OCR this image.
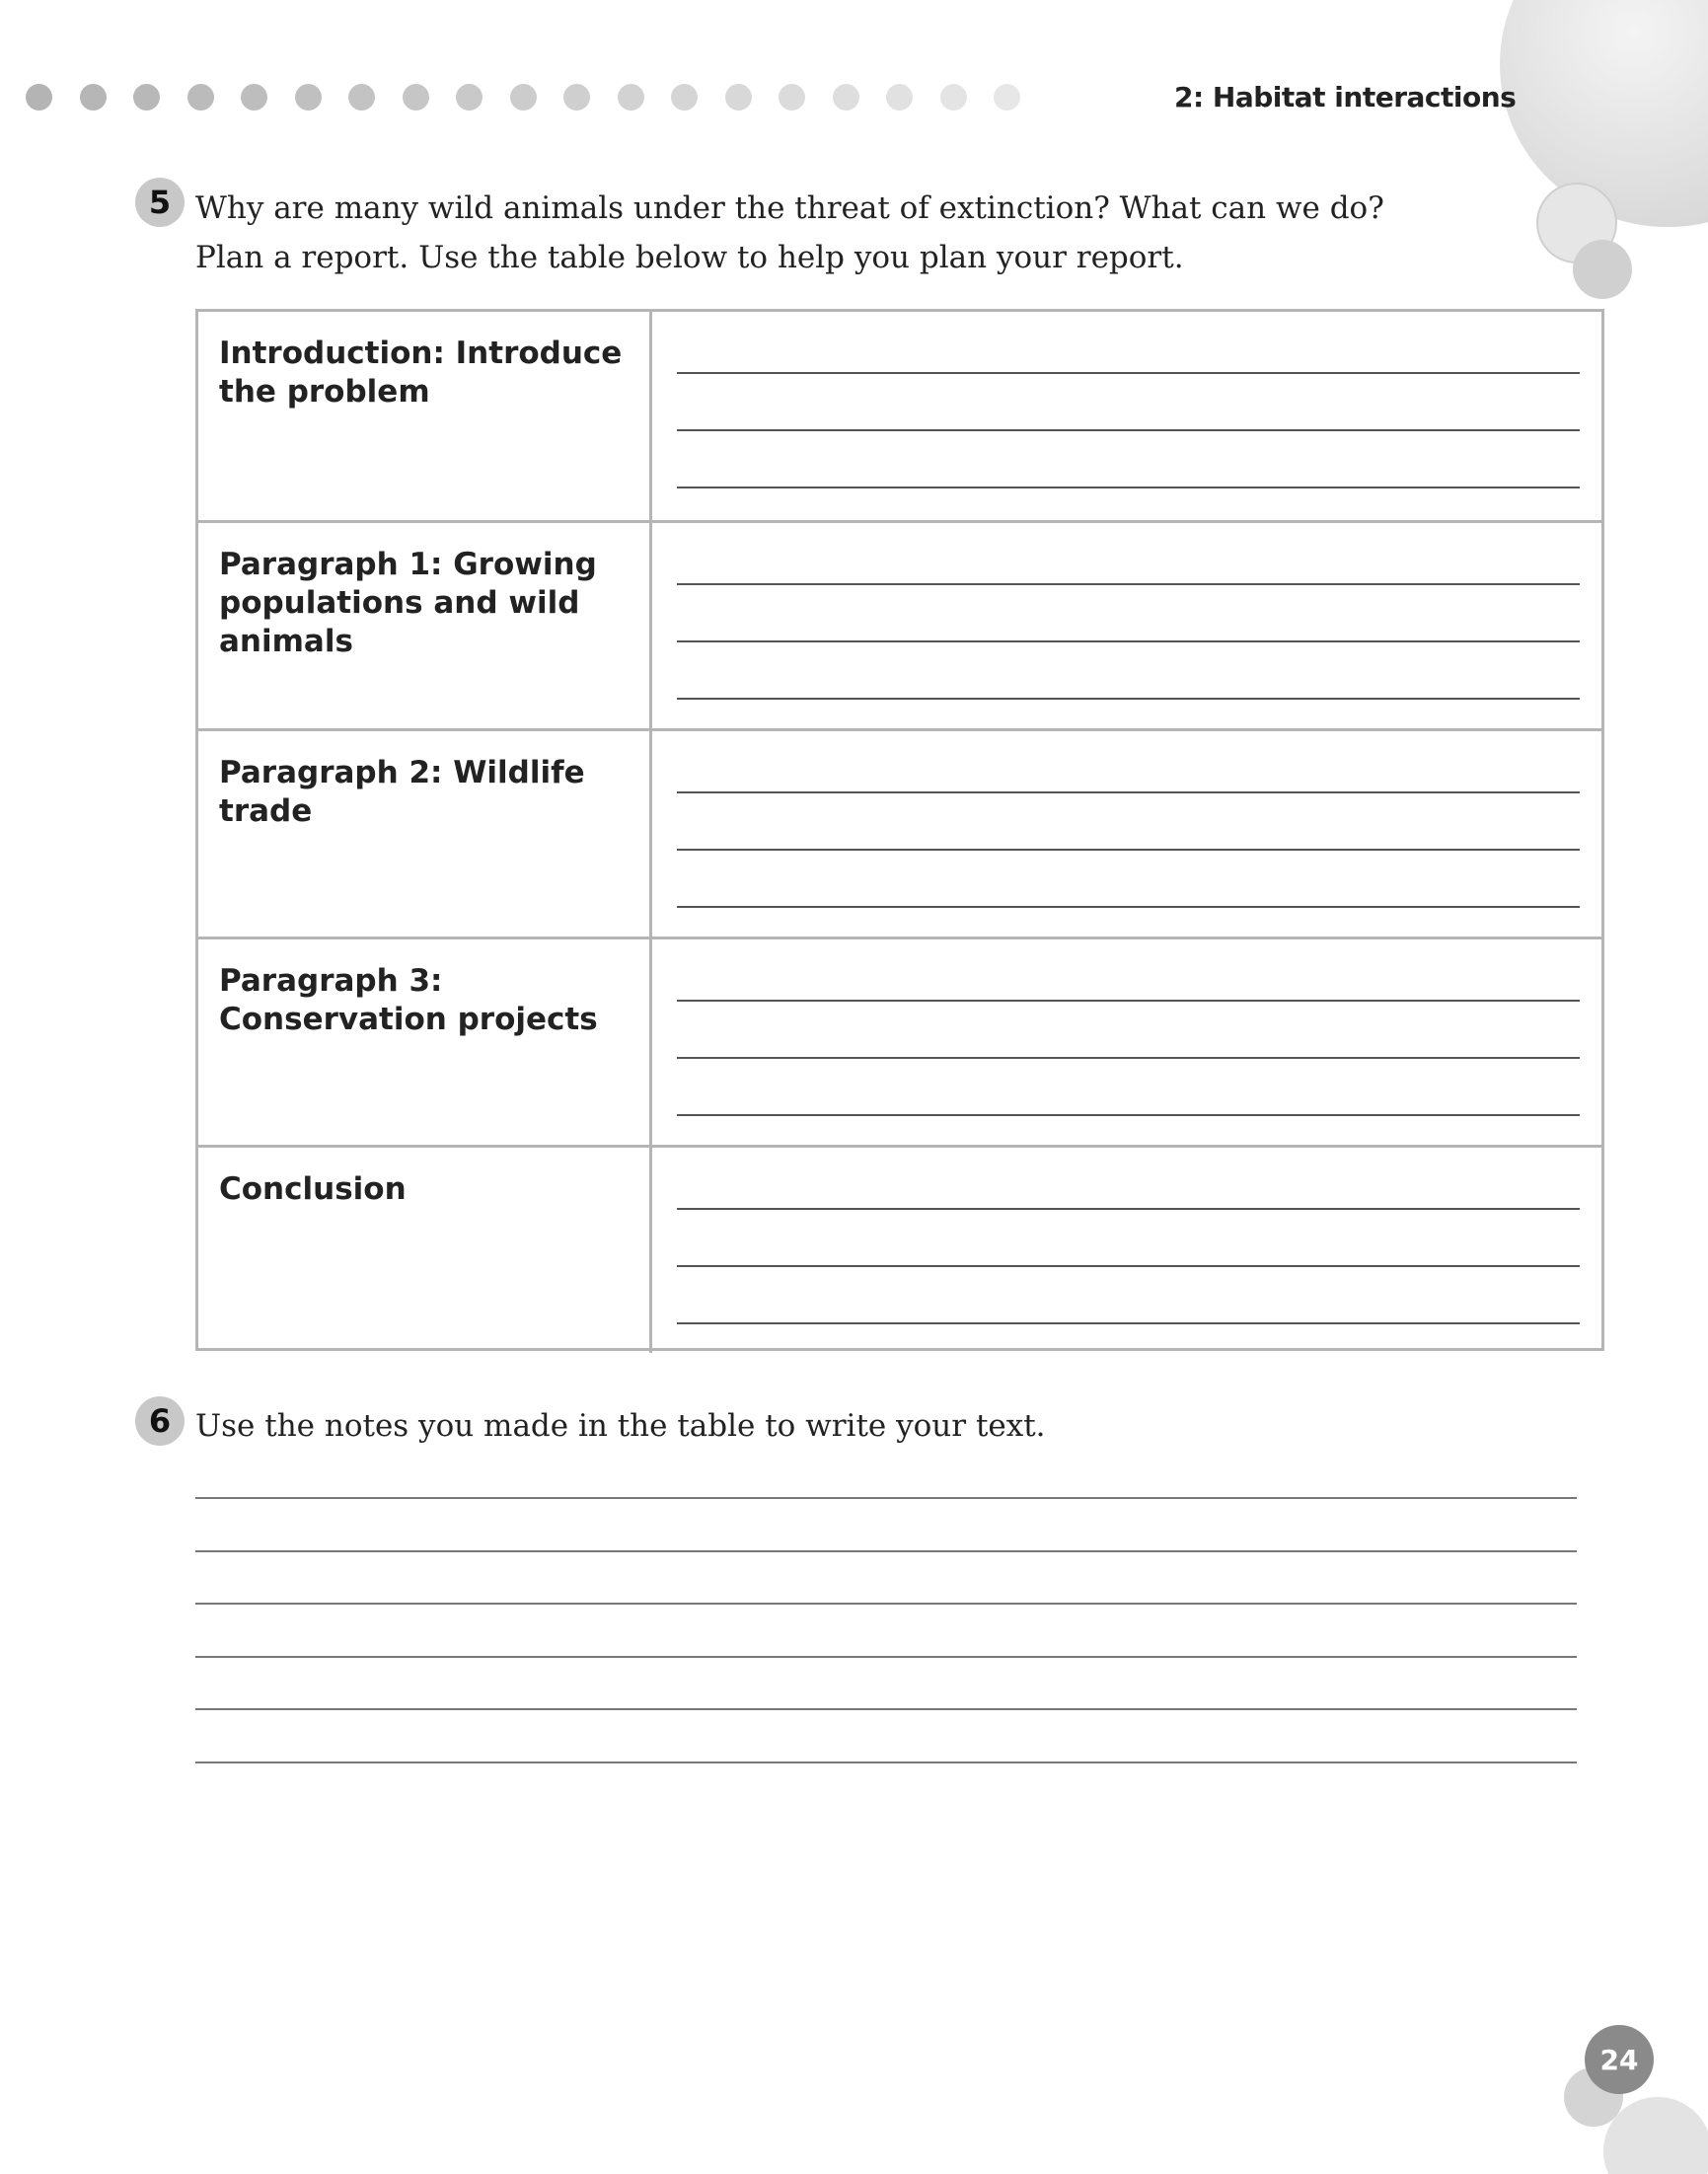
2: Habitat interactions
5 Why are many wild animals under the threat of extinction? What can we do?
Plan a report. Use the table below to help you plan your report.
Introduction: Introduce the problem
Paragraph 1: Growing populations and wild animals
Paragraph 2: Wildlife trade
Paragraph 3: Conservation projects
Conclusion
6 Use the notes you made in the table to write your text.
24
